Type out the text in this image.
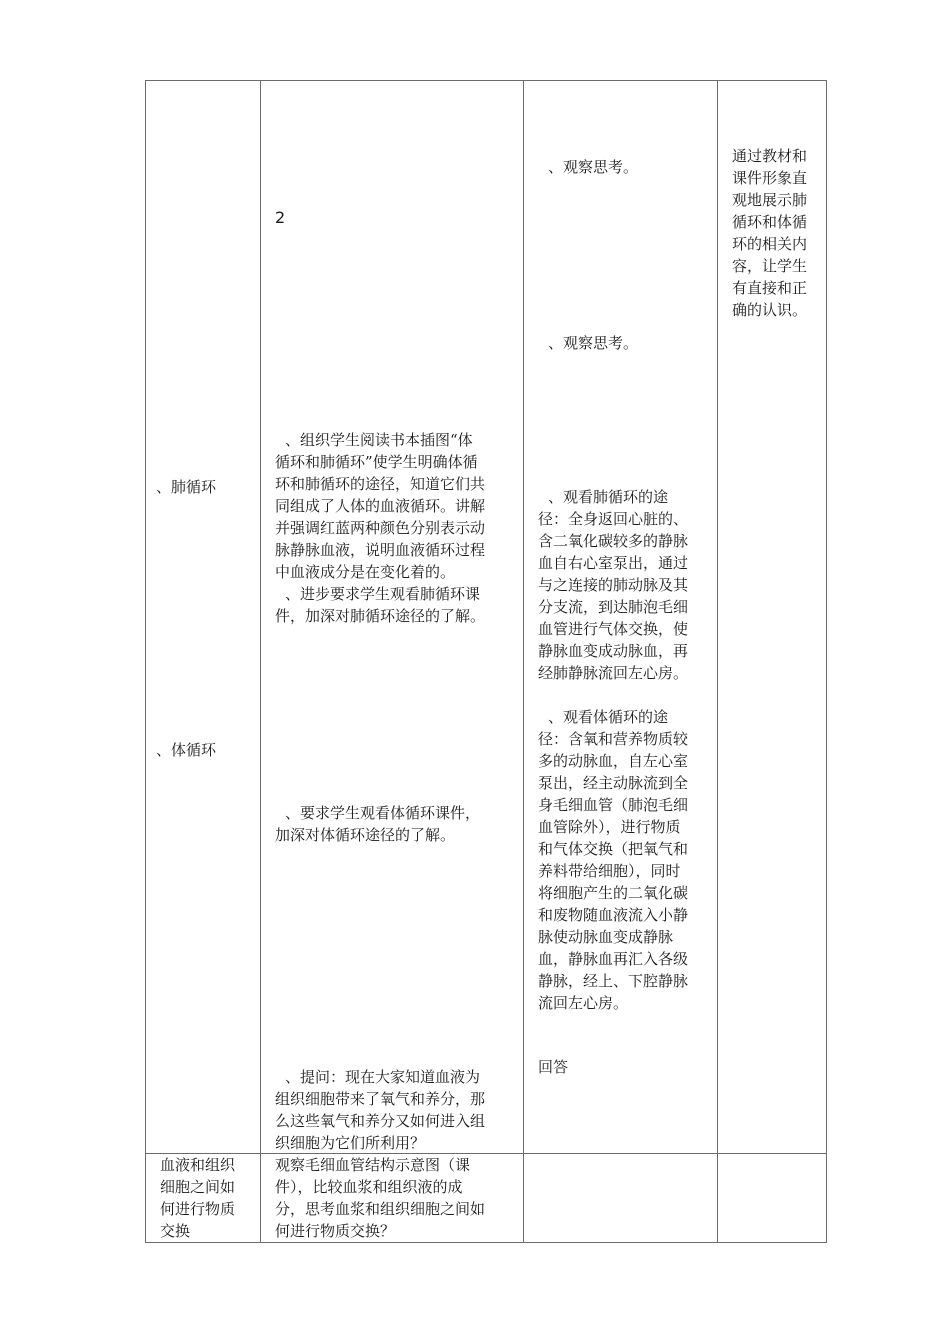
、肺循环
、体循环
血液和组织
细胞之间如
何进行物质
交换
2
　、组织学生阅读书本插图“体
循环和肺循环”使学生明确体循
环和肺循环的途径，知道它们共
同组成了人体的血液循环。讲解
并强调红蓝两种颜色分别表示动
脉静脉血液，说明血液循环过程
中血液成分是在变化着的。
　、进步要求学生观看肺循环课
件，加深对肺循环途径的了解。
　、要求学生观看体循环课件，
加深对体循环途径的了解。
　、提问：现在大家知道血液为
组织细胞带来了氧气和养分，那
么这些氧气和养分又如何进入组
织细胞为它们所利用？
观察毛细血管结构示意图（课
件），比较血浆和组织液的成
分，思考血浆和组织细胞之间如
何进行物质交换？
　、观察思考。
　、观察思考。
　、观看肺循环的途
径：全身返回心脏的、
含二氧化碳较多的静脉
血自右心室泵出，通过
与之连接的肺动脉及其
分支流，到达肺泡毛细
血管进行气体交换，使
静脉血变成动脉血，再
经肺静脉流回左心房。
　、观看体循环的途
径：含氧和营养物质较
多的动脉血，自左心室
泵出，经主动脉流到全
身毛细血管（肺泡毛细
血管除外），进行物质
和气体交换（把氧气和
养料带给细胞），同时
将细胞产生的二氧化碳
和废物随血液流入小静
脉使动脉血变成静脉
血，静脉血再汇入各级
静脉，经上、下腔静脉
流回左心房。
回答
通过教材和
课件形象直
观地展示肺
循环和体循
环的相关内
容，让学生
有直接和正
确的认识。
